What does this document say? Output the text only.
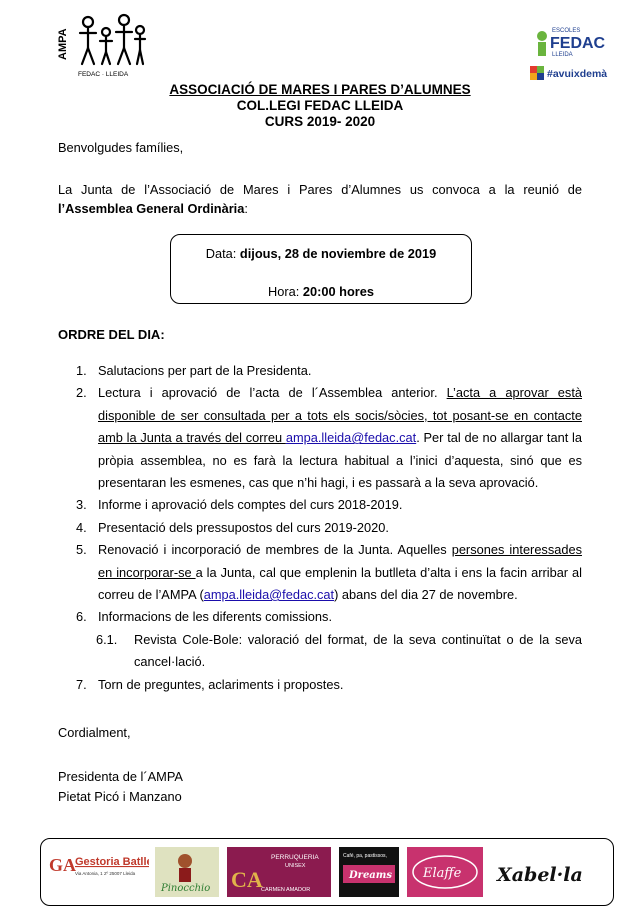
AMPA
FEDAC · LLEIDA
ESCOLES
FEDAC
LLEIDA
#avuixdemà
ASSOCIACIÓ DE MARES I PARES D’ALUMNES
COL.LEGI FEDAC LLEIDA
CURS 2019- 2020
Benvolgudes famílies,
La Junta de l’Associació de Mares i Pares d’Alumnes us convoca a la reunió de l’Assemblea General Ordinària:
Data: dijous, 28 de noviembre de 2019
Hora: 20:00 hores
ORDRE DEL DIA:
1. Salutacions per part de la Presidenta.
2. Lectura i aprovació de l’acta de l´Assemblea anterior. L’acta a aprovar està disponible de ser consultada per a tots els socis/sòcies, tot posant-se en contacte amb la Junta a través del correu ampa.lleida@fedac.cat. Per tal de no allargar tant la pròpia assemblea, no es farà la lectura habitual a l’inici d’aquesta, sinó que es presentaran les esmenes, cas que n’hi hagi, i es passarà a la seva aprovació.
3. Informe i aprovació dels comptes del curs 2018-2019.
4. Presentació dels pressupostos del curs 2019-2020.
5. Renovació i incorporació de membres de la Junta. Aquelles persones interessades en incorporar-se a la Junta, cal que emplenin la butlleta d’alta i ens la facin arribar al correu de l’AMPA (ampa.lleida@fedac.cat) abans del dia 27 de novembre.
6. Informacions de les diferents comissions.
6.1.	Revista Cole-Bole: valoració del format, de la seva continuïtat o de la seva cancel·lació.
7. Torn de preguntes, aclariments i propostes.
Cordialment,
Presidenta de l´AMPA
Pietat Picó i Manzano
GA Gestoria Batlle
Via Antonia, 1 2º 25007 Lleida
Pinocchio
PERRUQUERIA
UNISEX
CA
CARMEN AMADOR
Café, pa, pastissos,
Dreams Elaffe Xabel·la
